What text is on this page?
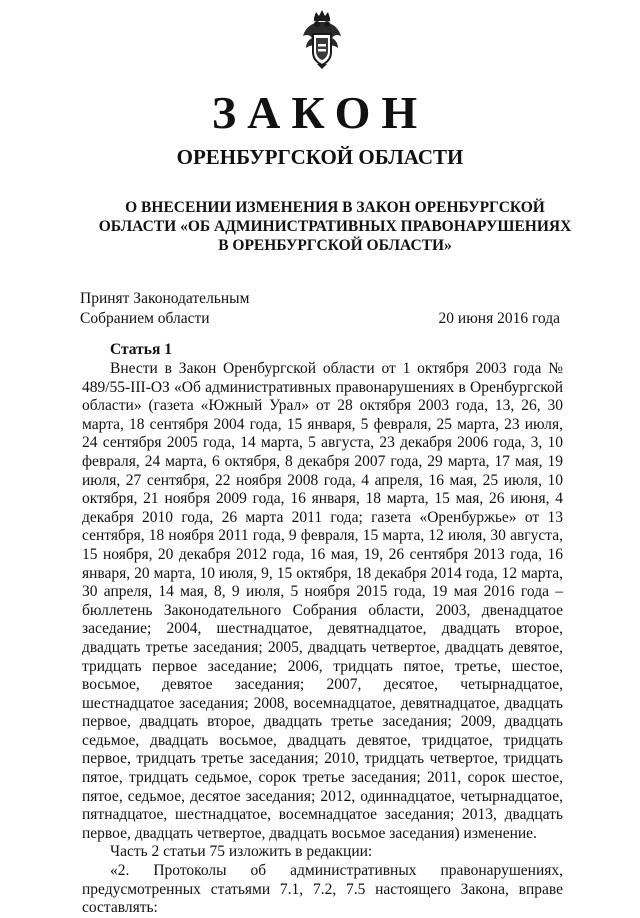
ЗАКОН
ОРЕНБУРГСКОЙ ОБЛАСТИ
О ВНЕСЕНИИ ИЗМЕНЕНИЯ В ЗАКОН ОРЕНБУРГСКОЙ
ОБЛАСТИ «ОБ АДМИНИСТРАТИВНЫХ ПРАВОНАРУШЕНИЯХ
В ОРЕНБУРГСКОЙ ОБЛАСТИ»
Принят Законодательным
Собранием области	20 июня 2016 года
Статья 1

Внести в Закон Оренбургской области от 1 октября 2003 года № 489/55-III-ОЗ «Об административных правонарушениях в Оренбургской области» (газета «Южный Урал» от 28 октября 2003 года, 13, 26, 30 марта, 18 сентября 2004 года, 15 января, 5 февраля, 25 марта, 23 июля, 24 сентября 2005 года, 14 марта, 5 августа, 23 декабря 2006 года, 3, 10 февраля, 24 марта, 6 октября, 8 декабря 2007 года, 29 марта, 17 мая, 19 июля, 27 сентября, 22 ноября 2008 года, 4 апреля, 16 мая, 25 июля, 10 октября, 21 ноября 2009 года, 16 января, 18 марта, 15 мая, 26 июня, 4 декабря 2010 года, 26 марта 2011 года; газета «Оренбуржье» от 13 сентября, 18 ноября 2011 года, 9 февраля, 15 марта, 12 июля, 30 августа, 15 ноября, 20 декабря 2012 года, 16 мая, 19, 26 сентября 2013 года, 16 января, 20 марта, 10 июля, 9, 15 октября, 18 декабря 2014 года, 12 марта, 30 апреля, 14 мая, 8, 9 июля, 5 ноября 2015 года, 19 мая 2016 года – бюллетень Законодательного Собрания области, 2003, двенадцатое заседание; 2004, шестнадцатое, девятнадцатое, двадцать второе, двадцать третье заседания; 2005, двадцать четвертое, двадцать девятое, тридцать первое заседание; 2006, тридцать пятое, третье, шестое, восьмое, девятое заседания; 2007, десятое, четырнадцатое, шестнадцатое заседания; 2008, восемнадцатое, девятнадцатое, двадцать первое, двадцать второе, двадцать третье заседания; 2009, двадцать седьмое, двадцать восьмое, двадцать девятое, тридцатое, тридцать первое, тридцать третье заседания; 2010, тридцать четвертое, тридцать пятое, тридцать седьмое, сорок третье заседания; 2011, сорок шестое, пятое, седьмое, десятое заседания; 2012, одиннадцатое, четырнадцатое, пятнадцатое, шестнадцатое, восемнадцатое заседания; 2013, двадцать первое, двадцать четвертое, двадцать восьмое заседания) изменение.

Часть 2 статьи 75 изложить в редакции:

«2. Протоколы об административных правонарушениях, предусмотренных статьями 7.1, 7.2, 7.5 настоящего Закона, вправе составлять:
